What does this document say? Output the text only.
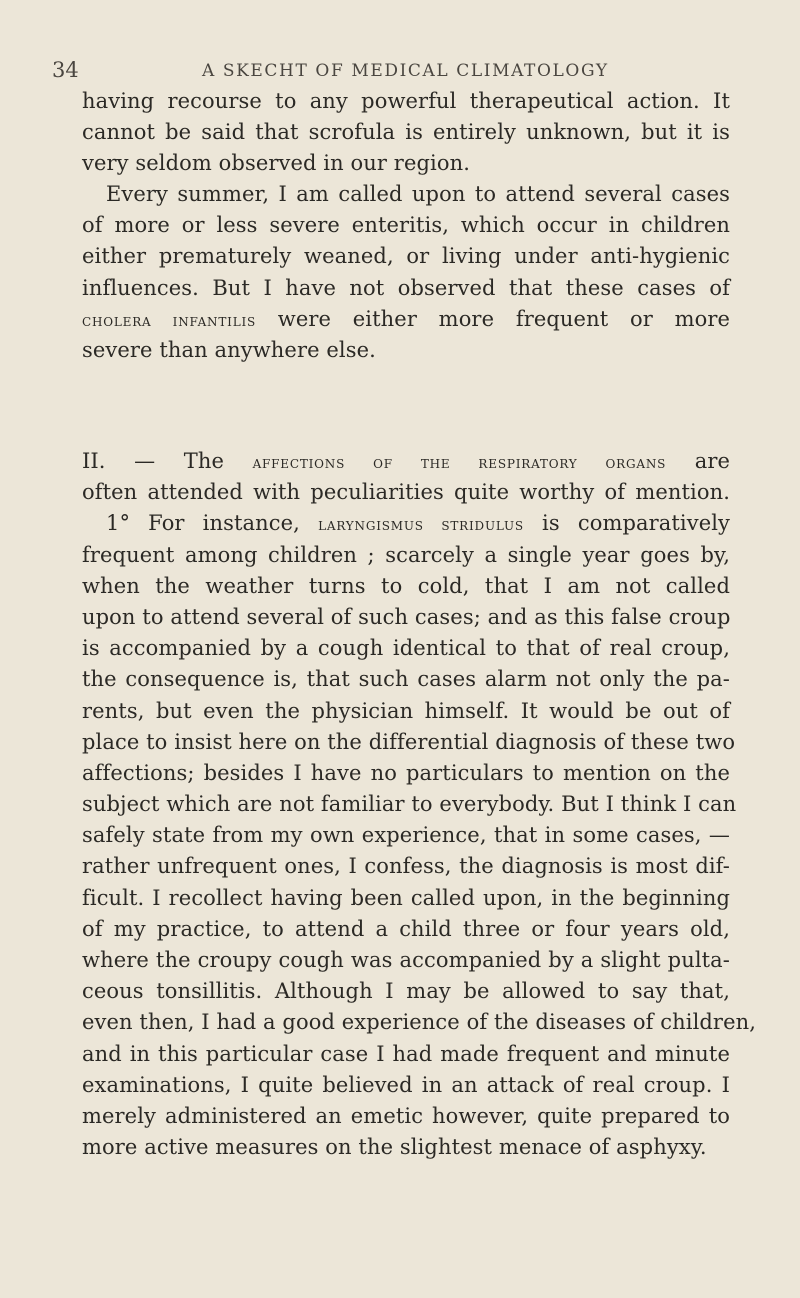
34	A SKECHT OF MEDICAL CLIMATOLOGY
having recourse to any powerful therapeutical action. It
cannot be said that scrofula is entirely unknown, but it is
very seldom observed in our region.
Every summer, I am called upon to attend several cases
of more or less severe enteritis, which occur in children
either prematurely weaned, or living under anti-hygienic
influences. But I have not observed that these cases of
cholera infantilis were either more frequent or more
severe than anywhere else.
II. — The affections of the respiratory organs are
often attended with peculiarities quite worthy of mention.
1° For instance, laryngismus stridulus is comparatively
frequent among children ; scarcely a single year goes by,
when the weather turns to cold, that I am not called
upon to attend several of such cases; and as this false croup
is accompanied by a cough identical to that of real croup,
the consequence is, that such cases alarm not only the pa-
rents, but even the physician himself. It would be out of
place to insist here on the differential diagnosis of these two
affections; besides I have no particulars to mention on the
subject which are not familiar to everybody. But I think I can
safely state from my own experience, that in some cases, —
rather unfrequent ones, I confess, the diagnosis is most dif-
ficult. I recollect having been called upon, in the beginning
of my practice, to attend a child three or four years old,
where the croupy cough was accompanied by a slight pulta-
ceous tonsillitis. Although I may be allowed to say that,
even then, I had a good experience of the diseases of children,
and in this particular case I had made frequent and minute
examinations, I quite believed in an attack of real croup. I
merely administered an emetic however, quite prepared to
more active measures on the slightest menace of asphyxy.
